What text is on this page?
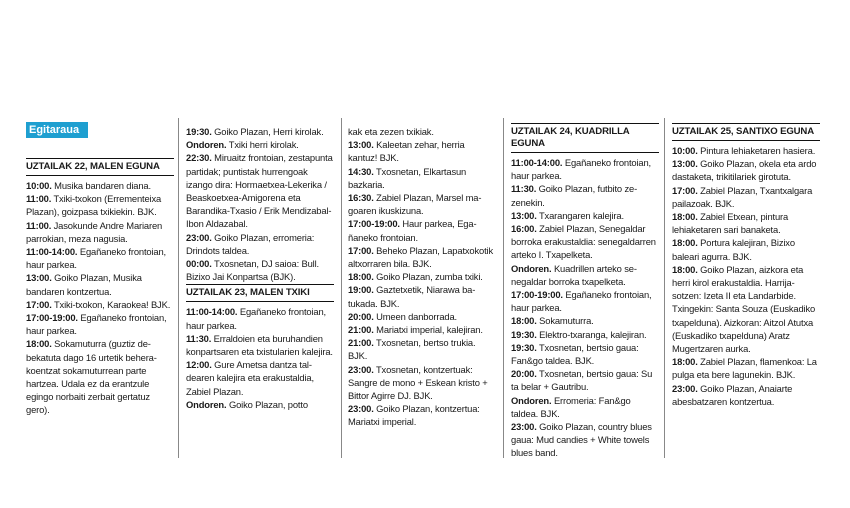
Egitaraua
UZTAILAK 22, MALEN EGUNA

10:00. Musika bandaren diana.

11:00. Txiki-txokon (Errementeixa Plazan), goizpasa txikiekin. BJK.

11:00. Jasokunde Andre Mariaren parrokian, meza nagusia.

11:00-14:00. Egañaneko frontoian, haur parkea.

13:00. Goiko Plazan, Musika bandaren kontzertua.

17:00. Txiki-txokon, Karaokea! BJK.

17:00-19:00. Egañaneko frontoian, haur parkea.

18:00. Sokamuturra (guztiz debekatuta dago 16 urtetik beherakoentzat sokamuturrean parte hartzea. Udala ez da erantzule egingo norbaiti zerbait gertatuz gero).

19:30. Goiko Plazan, Herri kirolak.

Ondoren. Txiki herri kirolak.

22:30. Miruaitz frontoian, zestapunta partidak; puntistak hurrengoak izango dira: Hormaetxea-Lekerika / Beaskoetxea-Amigorena eta Barandika-Txasio / Erik Mendizabal-Ibon Aldazabal.

23:00. Goiko Plazan, erromeria: Drindots taldea.

00:00. Txosnetan, DJ saioa: Bull. Bizixo Jai Konpartsa (BJK).

UZTAILAK 23, MALEN TXIKI

11:00-14:00. Egañaneko frontoian, haur parkea.

11:30. Erraldoien eta buruhandien konpartsaren eta txistularien kalejira.

12:00. Gure Ametsa dantza taldearen kalejira eta erakustaldia, Zabiel Plazan.

Ondoren. Goiko Plazan, potto

kak eta zezen txikiak.

13:00. Kaleetan zehar, herria kantuz! BJK.

14:30. Txosnetan, Elkartasun bazkaria.

16:30. Zabiel Plazan, Marsel magoaren ikuskizuna.

17:00-19:00. Haur parkea, Egañaneko frontoian.

17:00. Beheko Plazan, Lapatxokotik altxorraren bila. BJK.

18:00. Goiko Plazan, zumba txiki.

19:00. Gaztetxetik, Niarawa batukada. BJK.

20:00. Umeen danborrada.

21:00. Mariatxi imperial, kalejiran.

21:00. Txosnetan, bertso trukia. BJK.

23:00. Txosnetan, kontzertuak: Sangre de mono + Eskean kristo + Bittor Agirre DJ. BJK.

23:00. Goiko Plazan, kontzertua: Mariatxi imperial.

UZTAILAK 24, KUADRILLA EGUNA

11:00-14:00. Egañaneko frontoian, haur parkea.

11:30. Goiko Plazan, futbito zezenekin.

13:00. Txarangaren kalejira.

16:00. Zabiel Plazan, Senegaldar borroka erakustaldia: senegaldarren arteko I. Txapelketa.

Ondoren. Kuadrillen arteko senegaldar borroka txapelketa.

17:00-19:00. Egañaneko frontoian, haur parkea.

18:00. Sokamuturra.

19:30. Elektro-txaranga, kalejiran.

19:30. Txosnetan, bertsio gaua: Fan&go taldea. BJK.

20:00. Txosnetan, bertsio gaua: Su ta belar + Gautribu.

Ondoren. Erromeria: Fan&go taldea. BJK.

23:00. Goiko Plazan, country blues gaua: Mud candies + White towels blues band.

UZTAILAK 25, SANTIXO EGUNA

10:00. Pintura lehiaketaren hasiera.

13:00. Goiko Plazan, okela eta ardo dastaketa, trikitilariek girotuta.

17:00. Zabiel Plazan, Txantxalgara pailazoak. BJK.

18:00. Zabiel Etxean, pintura lehiaketaren sari banaketa.

18:00. Portura kalejiran, Bizixo baleari agurra. BJK.

18:00. Goiko Plazan, aizkora eta herri kirol erakustaldia. Harrijasotzen: Izeta II eta Landarbide. Txingekin: Santa Souza (Euskadiko txapelduna). Aizkoran: Aitzol Atutxa (Euskadiko txapelduna) Aratz Mugertzaren aurka.

18:00. Zabiel Plazan, flamenkoa: La pulga eta bere lagunekin. BJK.

23:00. Goiko Plazan, Anaiarte abesbatzaren kontzertua.
